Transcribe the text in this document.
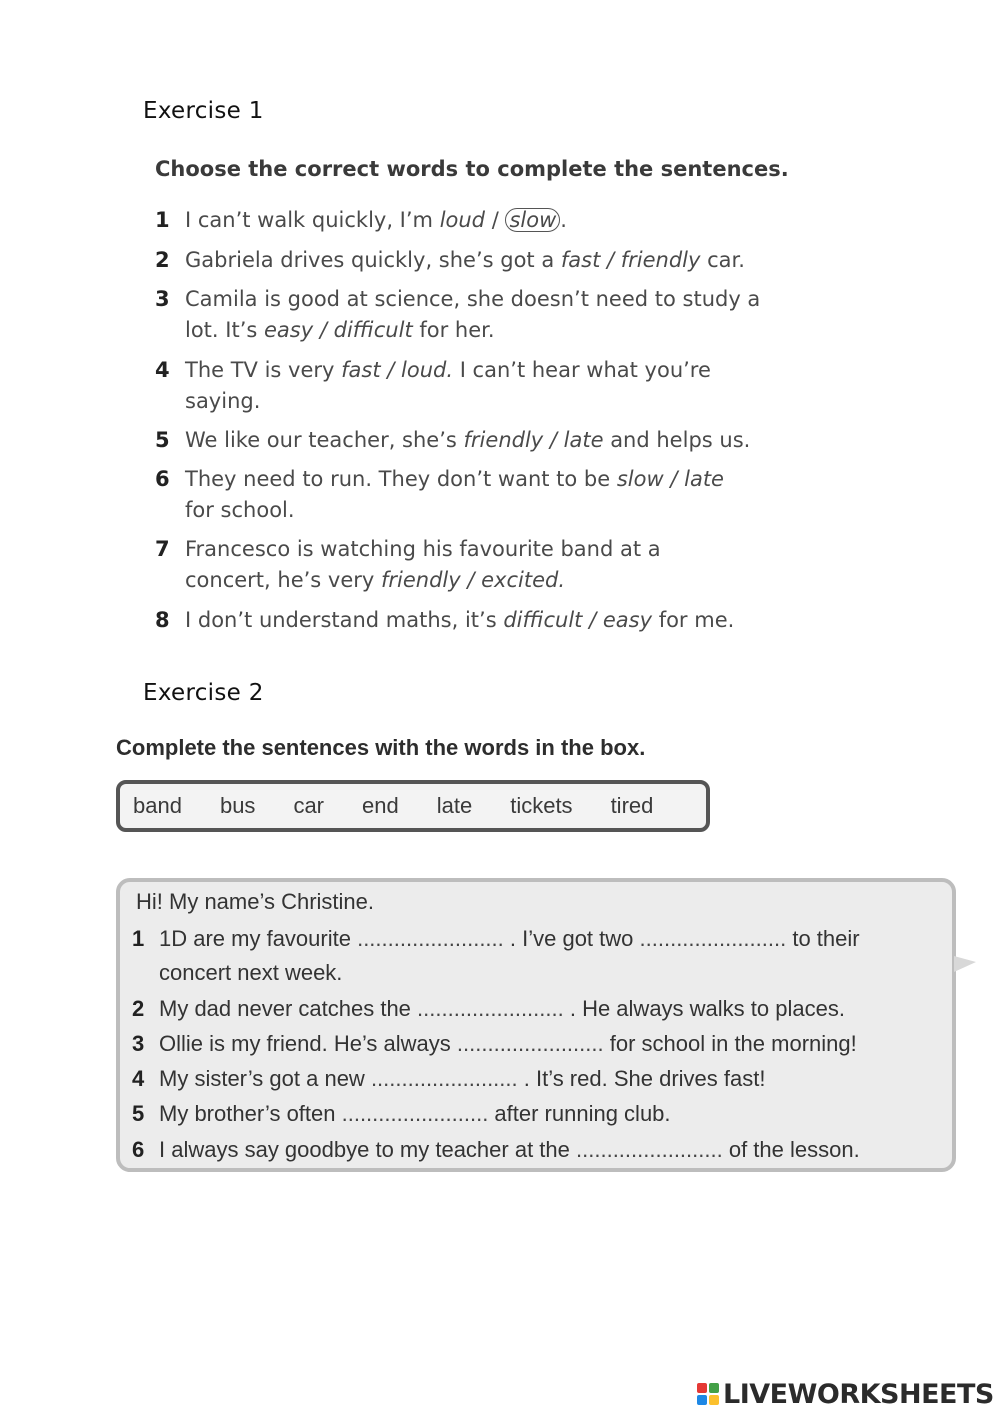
Exercise 1
Choose the correct words to complete the sentences.
1 I can’t walk quickly, I’m loud / slow .
2 Gabriela drives quickly, she’s got a fast / friendly car.
3 Camila is good at science, she doesn’t need to study a lot. It’s easy / difficult for her.
4 The TV is very fast / loud. I can’t hear what you’re saying.
5 We like our teacher, she’s friendly / late and helps us.
6 They need to run. They don’t want to be slow / late for school.
7 Francesco is watching his favourite band at a concert, he’s very friendly / excited.
8 I don’t understand maths, it’s difficult / easy for me.
Exercise 2
Complete the sentences with the words in the box.
band bus car end late tickets tired
Hi! My name’s Christine.
1 1D are my favourite ........................ . I’ve got two ........................ to their concert next week.
2 My dad never catches the ........................ . He always walks to places.
3 Ollie is my friend. He’s always ........................ for school in the morning!
4 My sister’s got a new ........................ . It’s red. She drives fast!
5 My brother’s often ........................ after running club.
6 I always say goodbye to my teacher at the ........................ of the lesson.
LIVEWORKSHEETS
